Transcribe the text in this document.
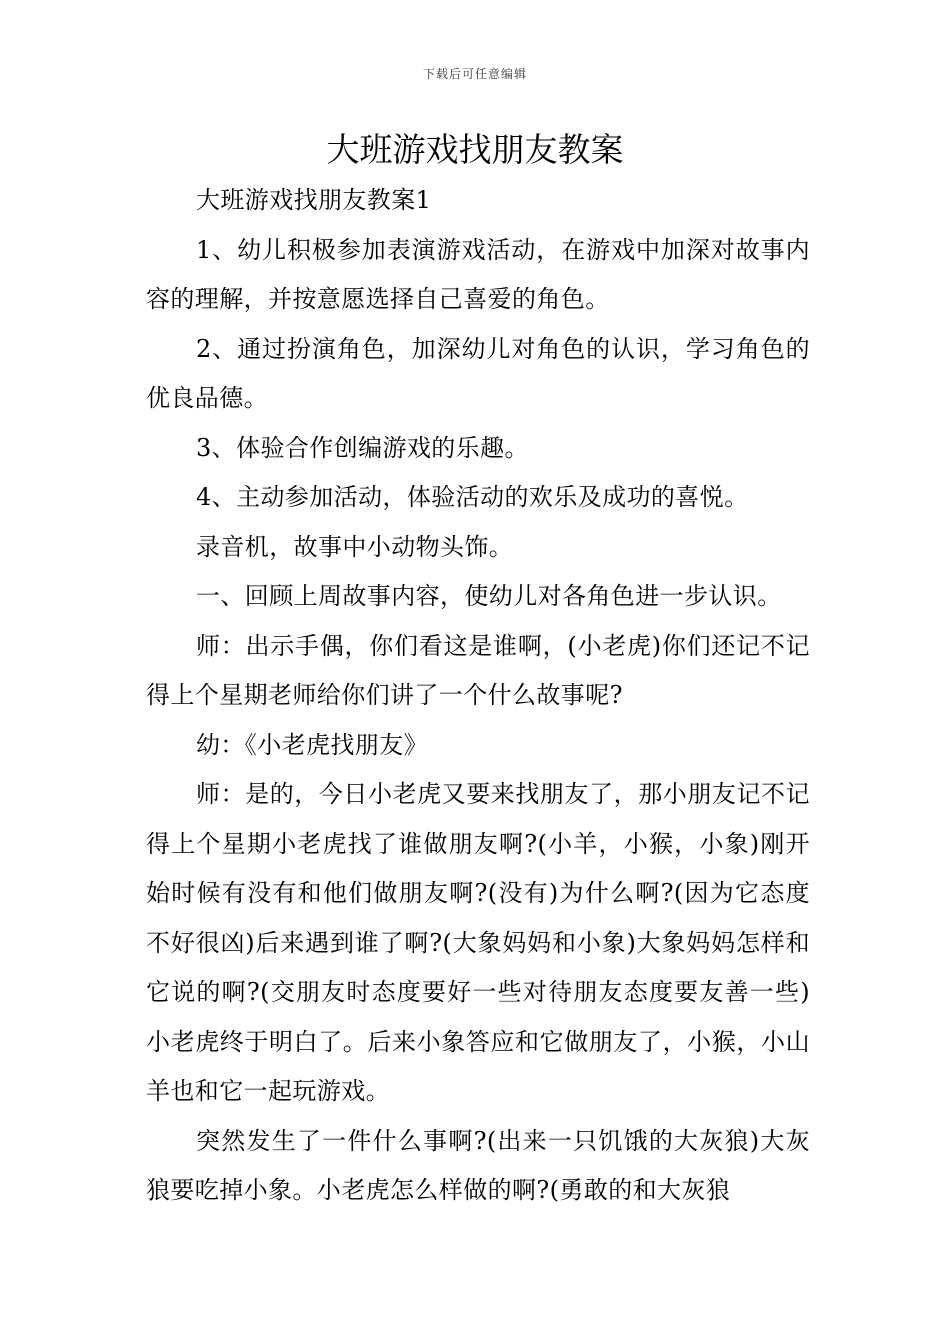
下载后可任意编辑
大班游戏找朋友教案

大班游戏找朋友教案1

1、幼儿积极参加表演游戏活动，在游戏中加深对故事内容的理解，并按意愿选择自己喜爱的角色。

2、通过扮演角色，加深幼儿对角色的认识，学习角色的优良品德。

3、体验合作创编游戏的乐趣。

4、主动参加活动，体验活动的欢乐及成功的喜悦。

录音机，故事中小动物头饰。

一、回顾上周故事内容，使幼儿对各角色进一步认识。

师：出示手偶，你们看这是谁啊，(小老虎)你们还记不记得上个星期老师给你们讲了一个什么故事呢?

幼：《小老虎找朋友》

师：是的，今日小老虎又要来找朋友了，那小朋友记不记得上个星期小老虎找了谁做朋友啊?(小羊，小猴，小象)刚开始时候有没有和他们做朋友啊?(没有)为什么啊?(因为它态度不好很凶)后来遇到谁了啊?(大象妈妈和小象)大象妈妈怎样和它说的啊?(交朋友时态度要好一些对待朋友态度要友善一些)小老虎终于明白了。后来小象答应和它做朋友了，小猴，小山羊也和它一起玩游戏。

突然发生了一件什么事啊?(出来一只饥饿的大灰狼)大灰狼要吃掉小象。小老虎怎么样做的啊?(勇敢的和大灰狼
